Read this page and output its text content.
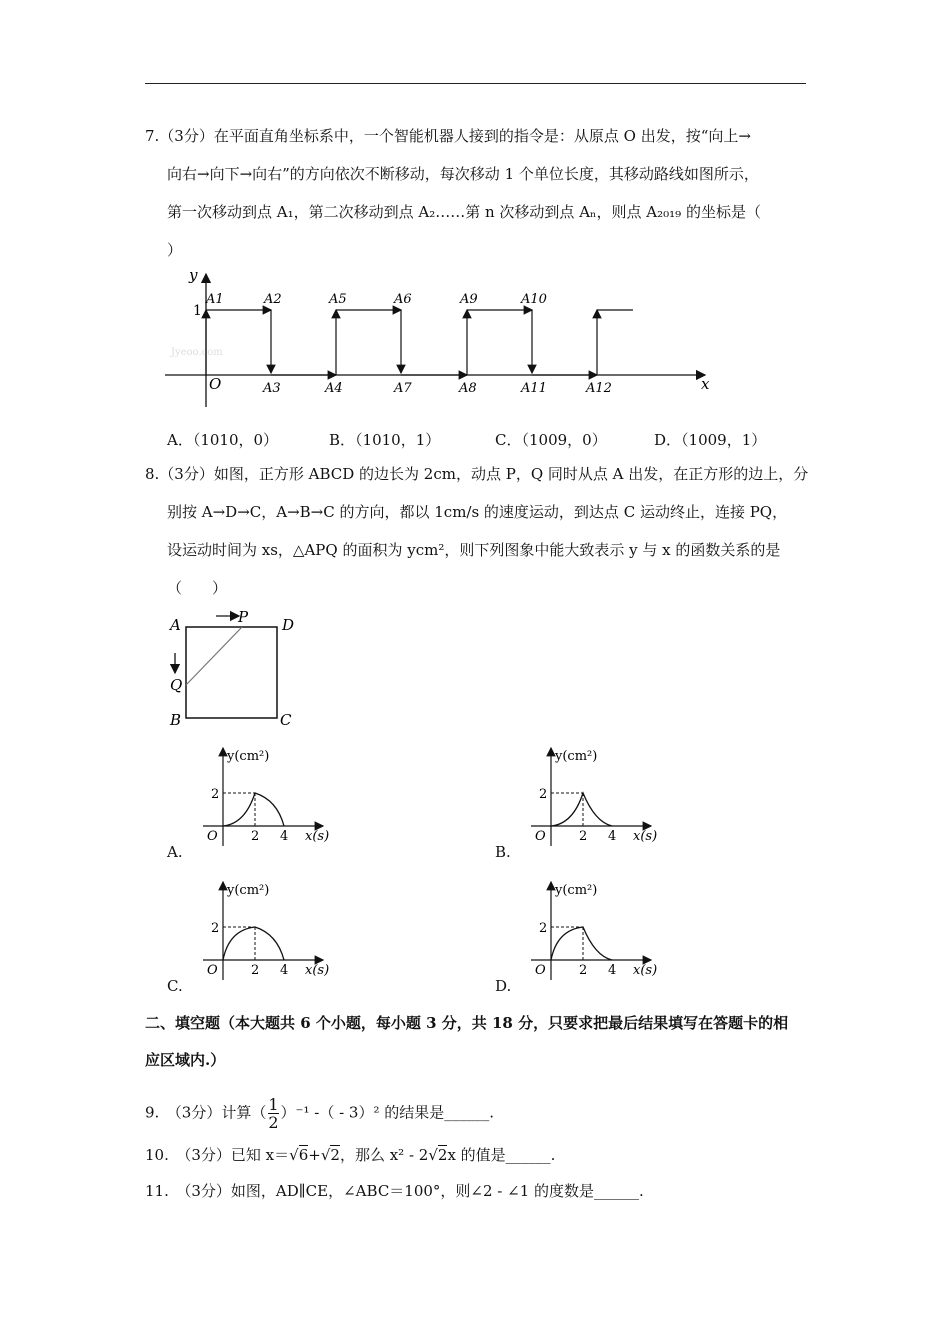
7.（3分）在平面直角坐标系中，一个智能机器人接到的指令是：从原点 O 出发，按“向上→
向右→向下→向右”的方向依次不断移动，每次移动 1 个单位长度，其移动路线如图所示，
第一次移动到点 A₁，第二次移动到点 A₂……第 n 次移动到点 Aₙ，则点 A₂₀₁₉ 的坐标是（
）
y
x
O
1
Jyeoo.com
A1	A2	A5	A6	A9	A10
A3	A4	A7	A8	A11	A12
A．（1010，0）	B．（1010，1）	C．（1009，0）	D．（1009，1）
8.（3分）如图，正方形 ABCD 的边长为 2cm，动点 P，Q 同时从点 A 出发，在正方形的边上，分
别按 A→D→C，A→B→C 的方向，都以 1cm/s 的速度运动，到达点 C 运动终止，连接 PQ，
设运动时间为 xs，△APQ 的面积为 ycm²，则下列图象中能大致表示 y 与 x 的函数关系的是
（　　）
A	D
B	C
P
Q
y(cm²)
x(s)
O
2
2 4
A.
y(cm²)
x(s)
O
2
2 4
B.
y(cm²)
x(s)
O
2
2 4
C.
y(cm²)
x(s)
O
2
2 4
D.
二、填空题（本大题共 6 个小题，每小题 3 分，共 18 分，只要求把最后结果填写在答题卡的相
应区域内.）
9.　（3分）计算（ $\frac{1}{2} )^{-1}$ -（ - 3）² 的结果是______.
10.　（3分）已知 x＝√6+√2，那么 x² - 2√2x 的值是______.
11.　（3分）如图，AD∥CE，∠ABC＝100°，则∠2 - ∠1 的度数是______.
